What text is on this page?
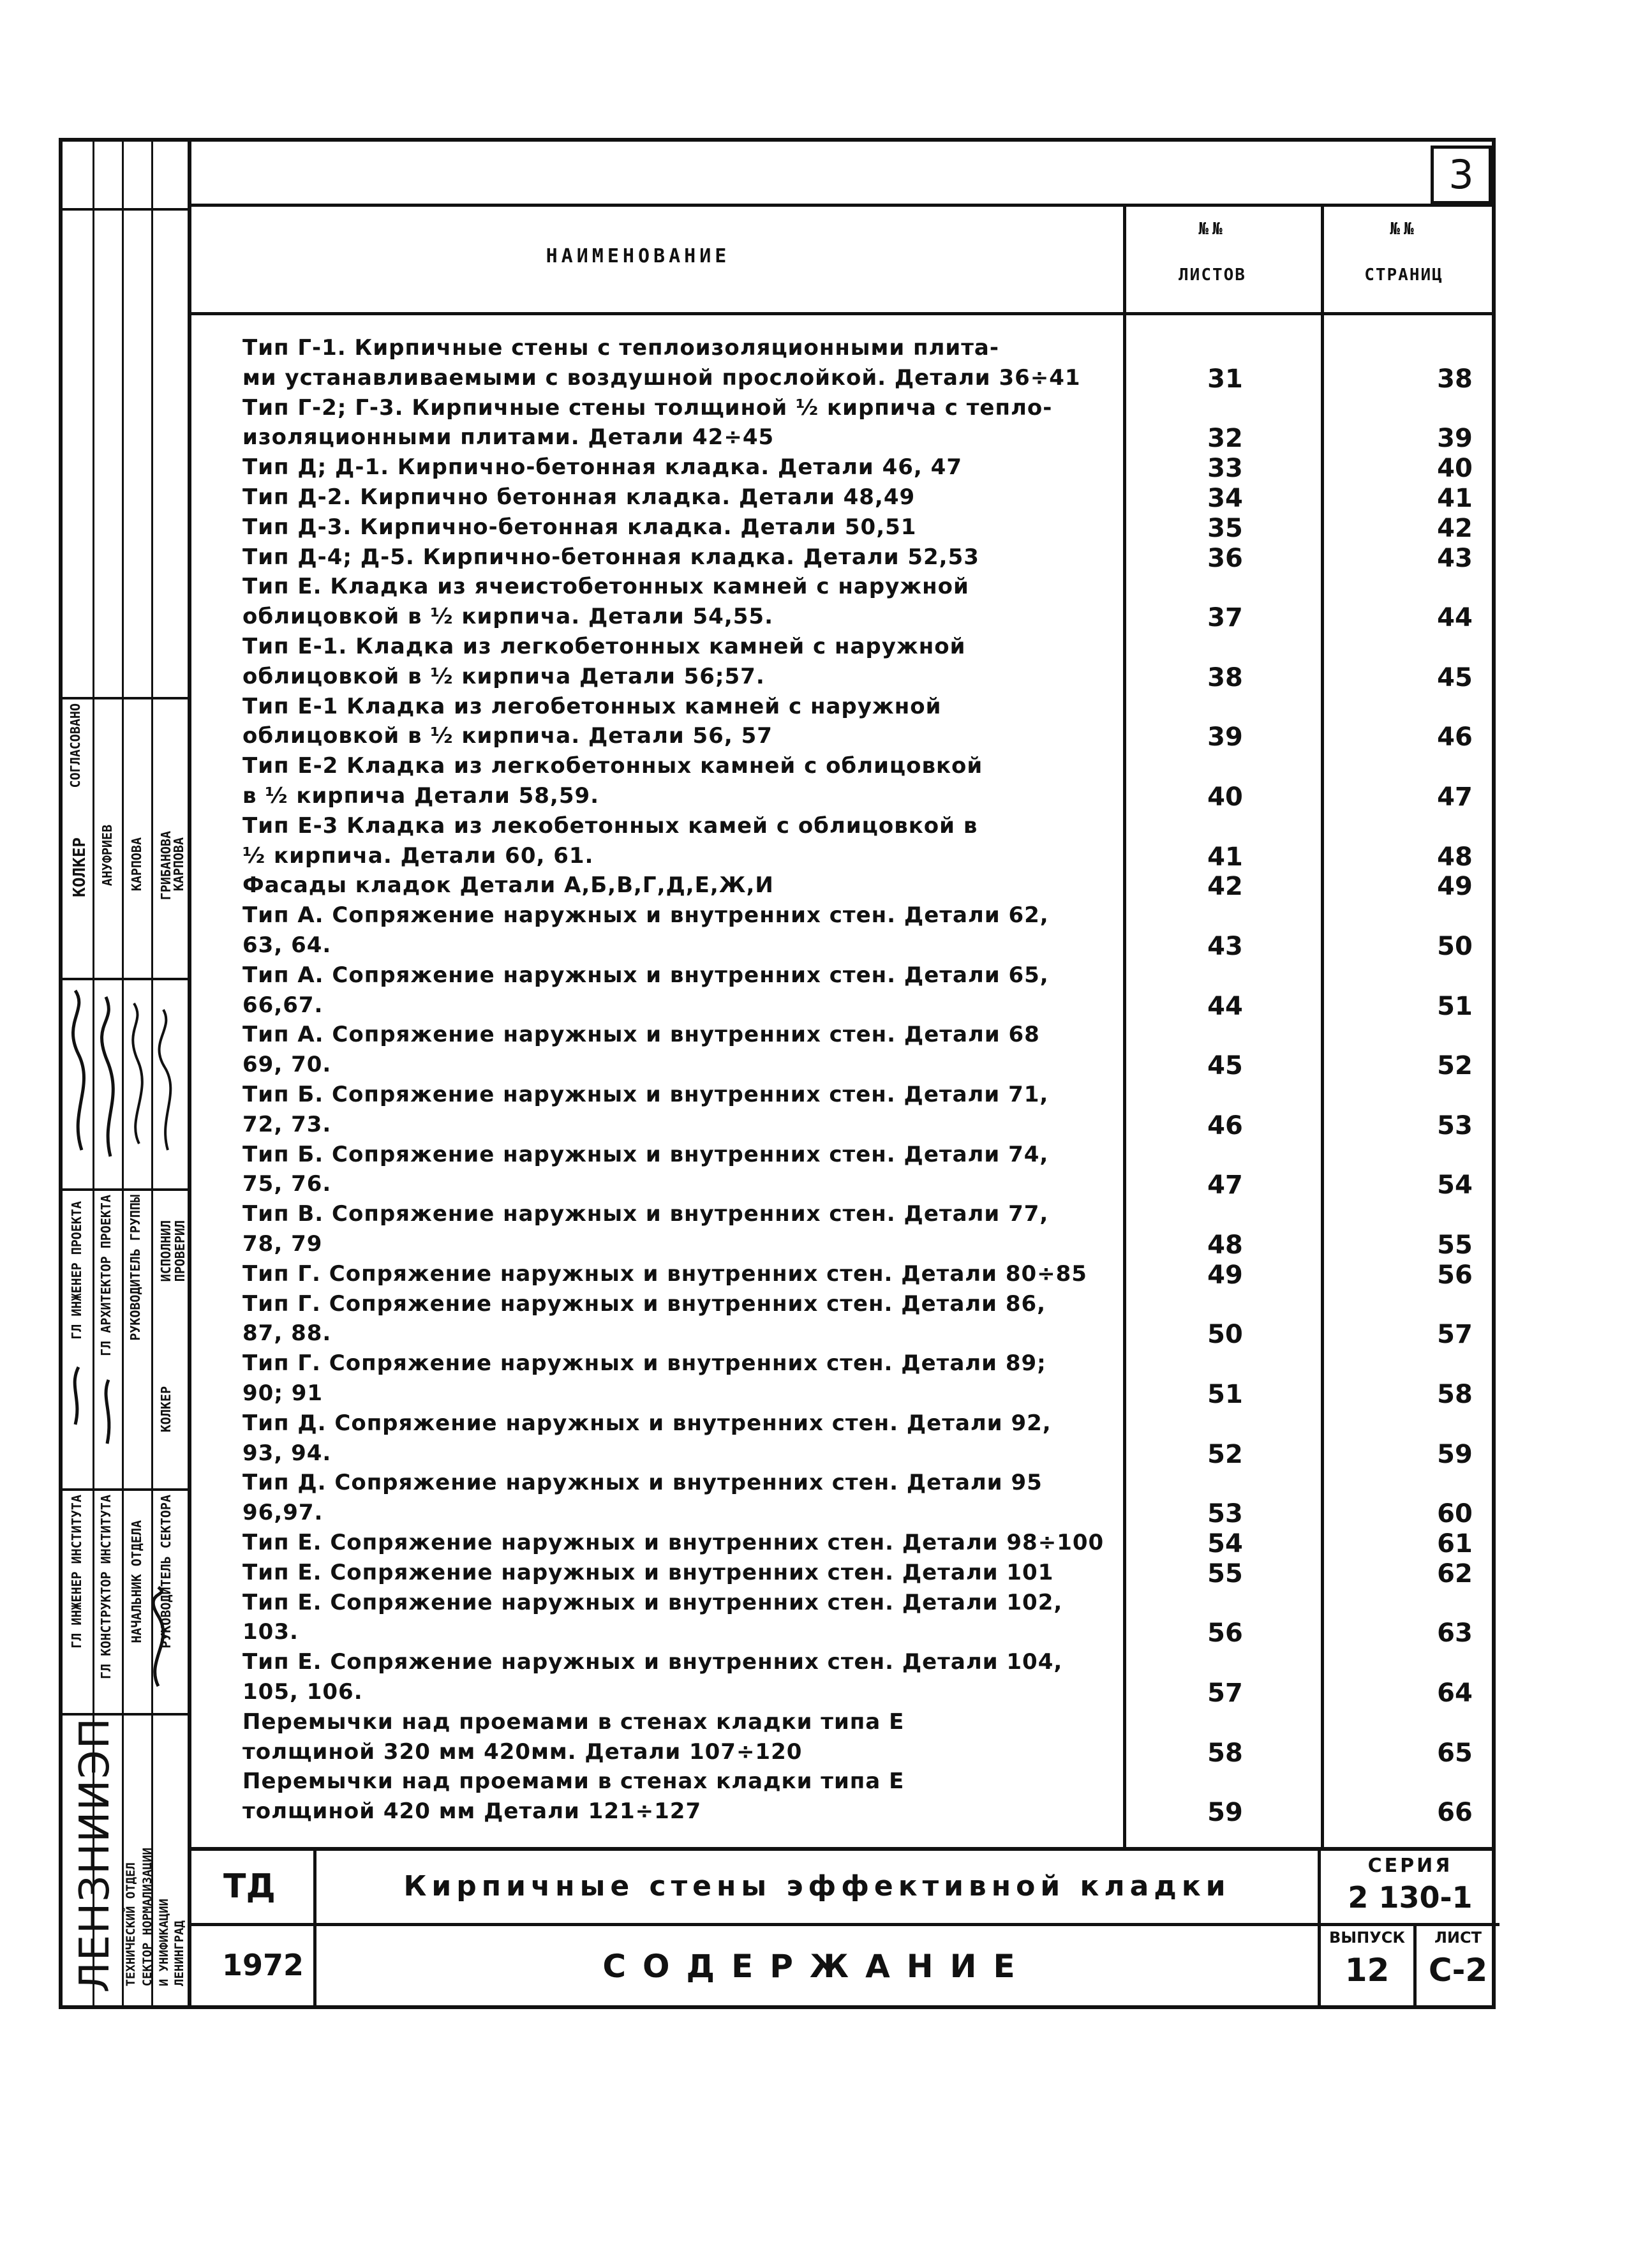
СОГЛАСОВАНО
КОЛКЕР АНУФРИЕВ КАРПОВА ГРИБАНОВА
КАРПОВА
ГЛ ИНЖЕНЕР ПРОЕКТА ГЛ АРХИТЕКТОР ПРОЕКТА РУКОВОДИТЕЛЬ ГРУППЫ ИСПОЛНИЛ
ПРОВЕРИЛ
КОЛКЕР
ГЛ ИНЖЕНЕР ИНСТИТУТА ГЛ КОНСТРУКТОР ИНСТИТУТА НАЧАЛЬНИК ОТДЕЛА РУКОВОДИТЕЛЬ СЕКТОРА
ЛЕНЗНИИЭП ТЕХНИЧЕСКИЙ ОТДЕЛ СЕКТОР НОРМАЛИЗАЦИИ И УНИФИКАЦИИ ЛЕНИНГРАД
3
НАИМЕНОВАНИЕ
№№
ЛИСТОВ
№№
СТРАНИЦ
Тип Г-1. Кирпичные стены с теплоизоляционными плита-
ми устанавливаемыми с воздушной прослойкой. Детали 36÷41	31	38
Тип Г-2; Г-3. Кирпичные стены толщиной ½ кирпича с тепло-
изоляционными плитами. Детали 42÷45	32	39
Тип Д; Д-1. Кирпично-бетонная кладка. Детали 46, 47	33	40
Тип Д-2. Кирпично бетонная кладка. Детали 48,49	34	41
Тип Д-3. Кирпично-бетонная кладка. Детали 50,51	35	42
Тип Д-4; Д-5. Кирпично-бетонная кладка. Детали 52,53	36	43
Тип Е. Кладка из ячеистобетонных камней с наружной
облицовкой в ½ кирпича. Детали 54,55.	37	44
Тип Е-1. Кладка из легкобетонных камней с наружной
облицовкой в ½ кирпича Детали 56;57.	38	45
Тип Е-1 Кладка из легобетонных камней с наружной
облицовкой в ½ кирпича. Детали 56, 57	39	46
Тип Е-2 Кладка из легкобетонных камней с облицовкой
в ½ кирпича Детали 58,59.	40	47
Тип Е-3 Кладка из лекобетонных камей с облицовкой в
½ кирпича. Детали 60, 61.	41	48
Фасады кладок Детали А,Б,В,Г,Д,Е,Ж,И	42	49
Тип А. Сопряжение наружных и внутренних стен. Детали 62,
63, 64.	43	50
Тип А. Сопряжение наружных и внутренних стен. Детали 65,
66,67.	44	51
Тип А. Сопряжение наружных и внутренних стен. Детали 68
69, 70.	45	52
Тип Б. Сопряжение наружных и внутренних стен. Детали 71,
72, 73.	46	53
Тип Б. Сопряжение наружных и внутренних стен. Детали 74,
75, 76.	47	54
Тип В. Сопряжение наружных и внутренних стен. Детали 77,
78, 79	48	55
Тип Г. Сопряжение наружных и внутренних стен. Детали 80÷85	49	56
Тип Г. Сопряжение наружных и внутренних стен. Детали 86,
87, 88.	50	57
Тип Г. Сопряжение наружных и внутренних стен. Детали 89;
90; 91	51	58
Тип Д. Сопряжение наружных и внутренних стен. Детали 92,
93, 94.	52	59
Тип Д. Сопряжение наружных и внутренних стен. Детали 95
96,97.	53	60
Тип Е. Сопряжение наружных и внутренних стен. Детали 98÷100	54	61
Тип Е. Сопряжение наружных и внутренних стен. Детали 101	55	62
Тип Е. Сопряжение наружных и внутренних стен. Детали 102,
103.	56	63
Тип Е. Сопряжение наружных и внутренних стен. Детали 104,
105, 106.	57	64
Перемычки над проемами в стенах кладки типа Е
толщиной 320 мм 420мм. Детали 107÷120	58	65
Перемычки над проемами в стенах кладки типа Е
толщиной 420 мм Детали 121÷127	59	66
ТД
1972
Кирпичные стены эффективной кладки
СОДЕРЖАНИЕ
СЕРИЯ
2 130-1
ВЫПУСК
12
ЛИСТ
С-2
